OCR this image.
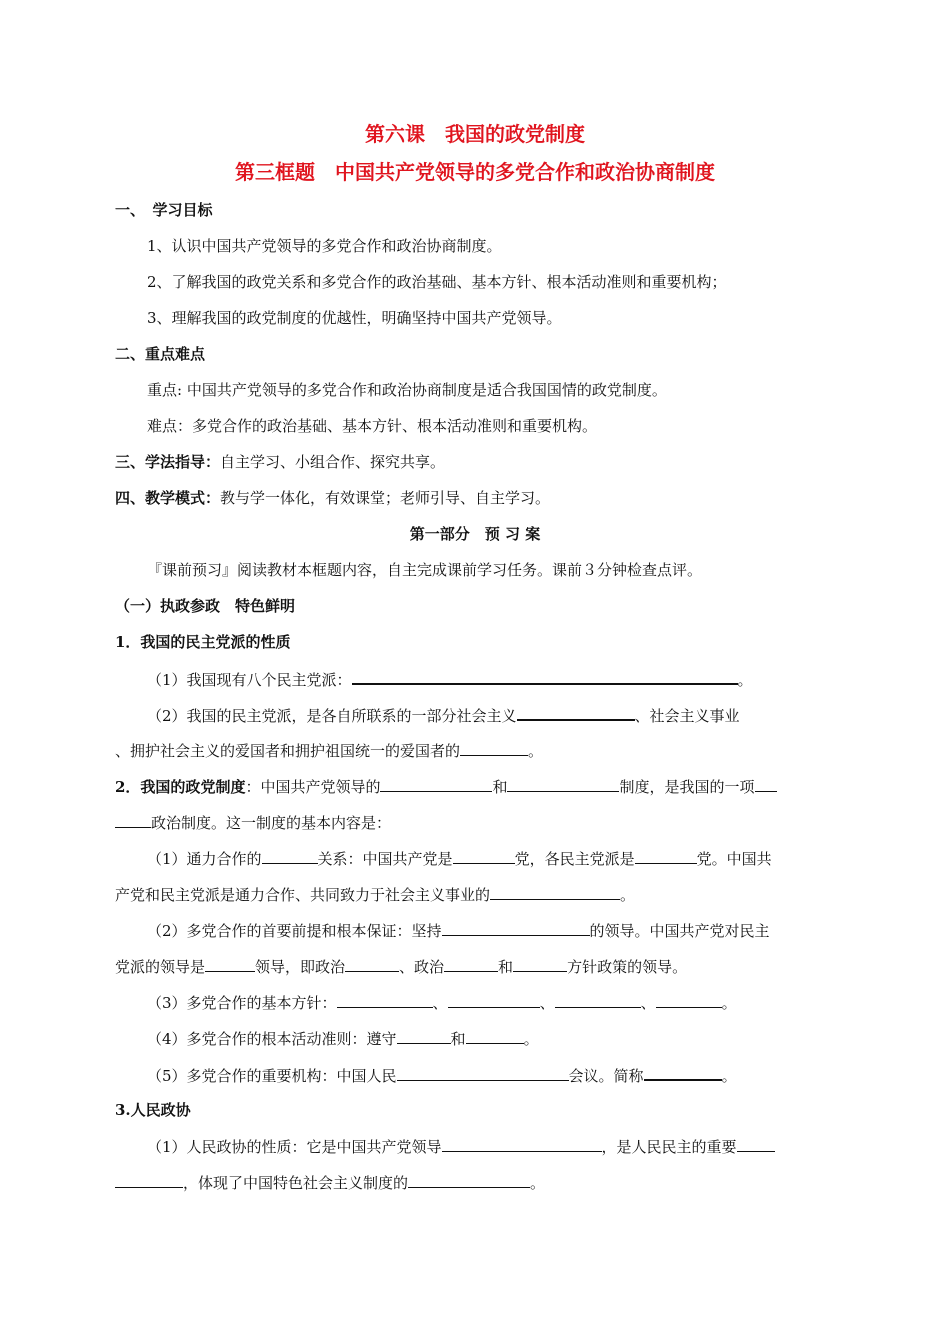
第六课　我国的政党制度
第三框题　中国共产党领导的多党合作和政治协商制度
一、　学习目标
1、认识中国共产党领导的多党合作和政治协商制度。
2、了解我国的政党关系和多党合作的政治基础、基本方针、根本活动准则和重要机构；
3、理解我国的政党制度的优越性，明确坚持中国共产党领导。
二、重点难点
重点: 中国共产党领导的多党合作和政治协商制度是适合我国国情的政党制度。
难点：多党合作的政治基础、基本方针、根本活动准则和重要机构。
三、学法指导：自主学习、小组合作、探究共享。
四、教学模式：教与学一体化，有效课堂；老师引导、自主学习。
第一部分　预 习 案
『课前预习』阅读教材本框题内容，自主完成课前学习任务。课前３分钟检查点评。
（一）执政参政　特色鲜明
1．我国的民主党派的性质
（1）我国现有八个民主党派：	。
（2）我国的民主党派，是各自所联系的一部分社会主义	、社会主义事业
、拥护社会主义的爱国者和拥护祖国统一的爱国者的	。
2．我国的政党制度：中国共产党领导的	和	制度，是我国的一项
政治制度。这一制度的基本内容是：
（1）通力合作的	关系：中国共产党是	党，各民主党派是	党。中国共
产党和民主党派是通力合作、共同致力于社会主义事业的	。
（2）多党合作的首要前提和根本保证：坚持	的领导。中国共产党对民主
党派的领导是	领导，即政治	、政治	和	方针政策的领导。
（3）多党合作的基本方针：	、	、	、	。
（4）多党合作的根本活动准则：遵守	和	。
（5）多党合作的重要机构：中国人民	会议。简称	。
3.人民政协
（1）人民政协的性质：它是中国共产党领导	，是人民民主的重要
，体现了中国特色社会主义制度的	。
